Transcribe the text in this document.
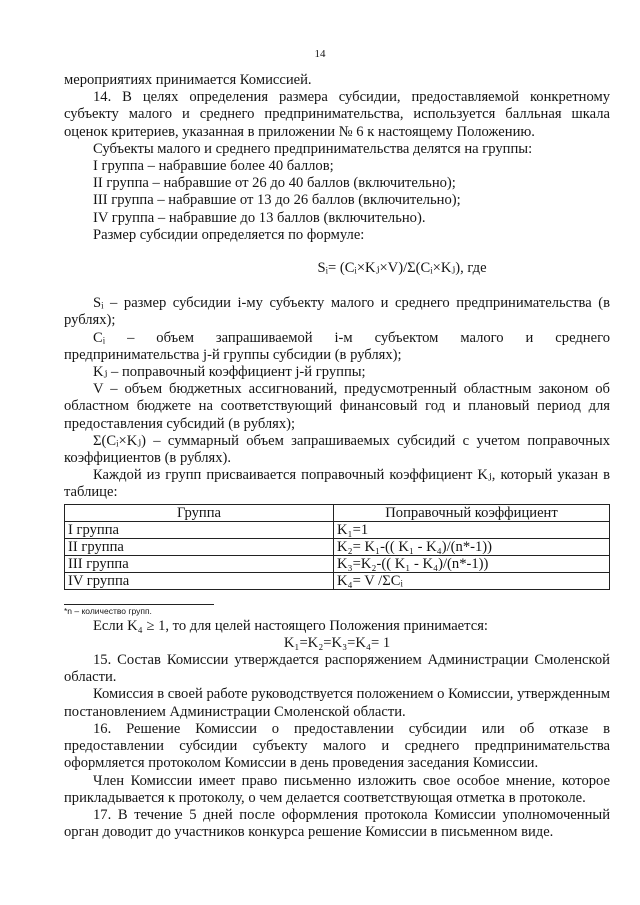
14

мероприятиях принимается Комиссией.

14. В целях определения размера субсидии, предоставляемой конкретному субъекту малого и среднего предпринимательства, используется балльная шкала оценок критериев, указанная в приложении № 6 к настоящему Положению.

Субъекты малого и среднего предпринимательства делятся на группы:

I группа – набравшие более 40 баллов;

II группа – набравшие от 26 до 40 баллов (включительно);

III группа – набравшие от 13 до 26 баллов (включительно);

IV группа – набравшие до 13 баллов (включительно).

Размер субсидии определяется по формуле:

Sᵢ= (Cᵢ×Kⱼ×V)/Σ(Cᵢ×Kⱼ), где

Sᵢ – размер субсидии i-му субъекту малого и среднего предпринимательства (в рублях);

Cᵢ – объем запрашиваемой i-м субъектом малого и среднего

предпринимательства j-й группы субсидии (в рублях);

Kⱼ – поправочный коэффициент j-й группы;

V – объем бюджетных ассигнований, предусмотренный областным законом об областном бюджете на соответствующий финансовый год и плановый период для предоставления субсидий (в рублях);

Σ(Cᵢ×Kⱼ) – суммарный объем запрашиваемых субсидий с учетом поправочных коэффициентов (в рублях).

Каждой из групп присваивается поправочный коэффициент Kⱼ, который указан в таблице:

Группа	Поправочный коэффициент
I группа	K₁=1
II группа	K₂= K₁-(( K₁ - K₄)/(n*-1))
III группа	K₃=K₂-(( K₁ - K₄)/(n*-1))
IV группа	K₄= V /ΣCᵢ

*n – количество групп.

Если K₄ ≥ 1, то для целей настоящего Положения принимается:

K₁=K₂=K₃=K₄= 1

15. Состав Комиссии утверждается распоряжением Администрации Смоленской области.

Комиссия в своей работе руководствуется положением о Комиссии, утвержденным постановлением Администрации Смоленской области.

16. Решение Комиссии о предоставлении субсидии или об отказе в предоставлении субсидии субъекту малого и среднего предпринимательства оформляется протоколом Комиссии в день проведения заседания Комиссии.

Член Комиссии имеет право письменно изложить свое особое мнение, которое прикладывается к протоколу, о чем делается соответствующая отметка в протоколе.

17. В течение 5 дней после оформления протокола Комиссии уполномоченный орган доводит до участников конкурса решение Комиссии в письменном виде.
